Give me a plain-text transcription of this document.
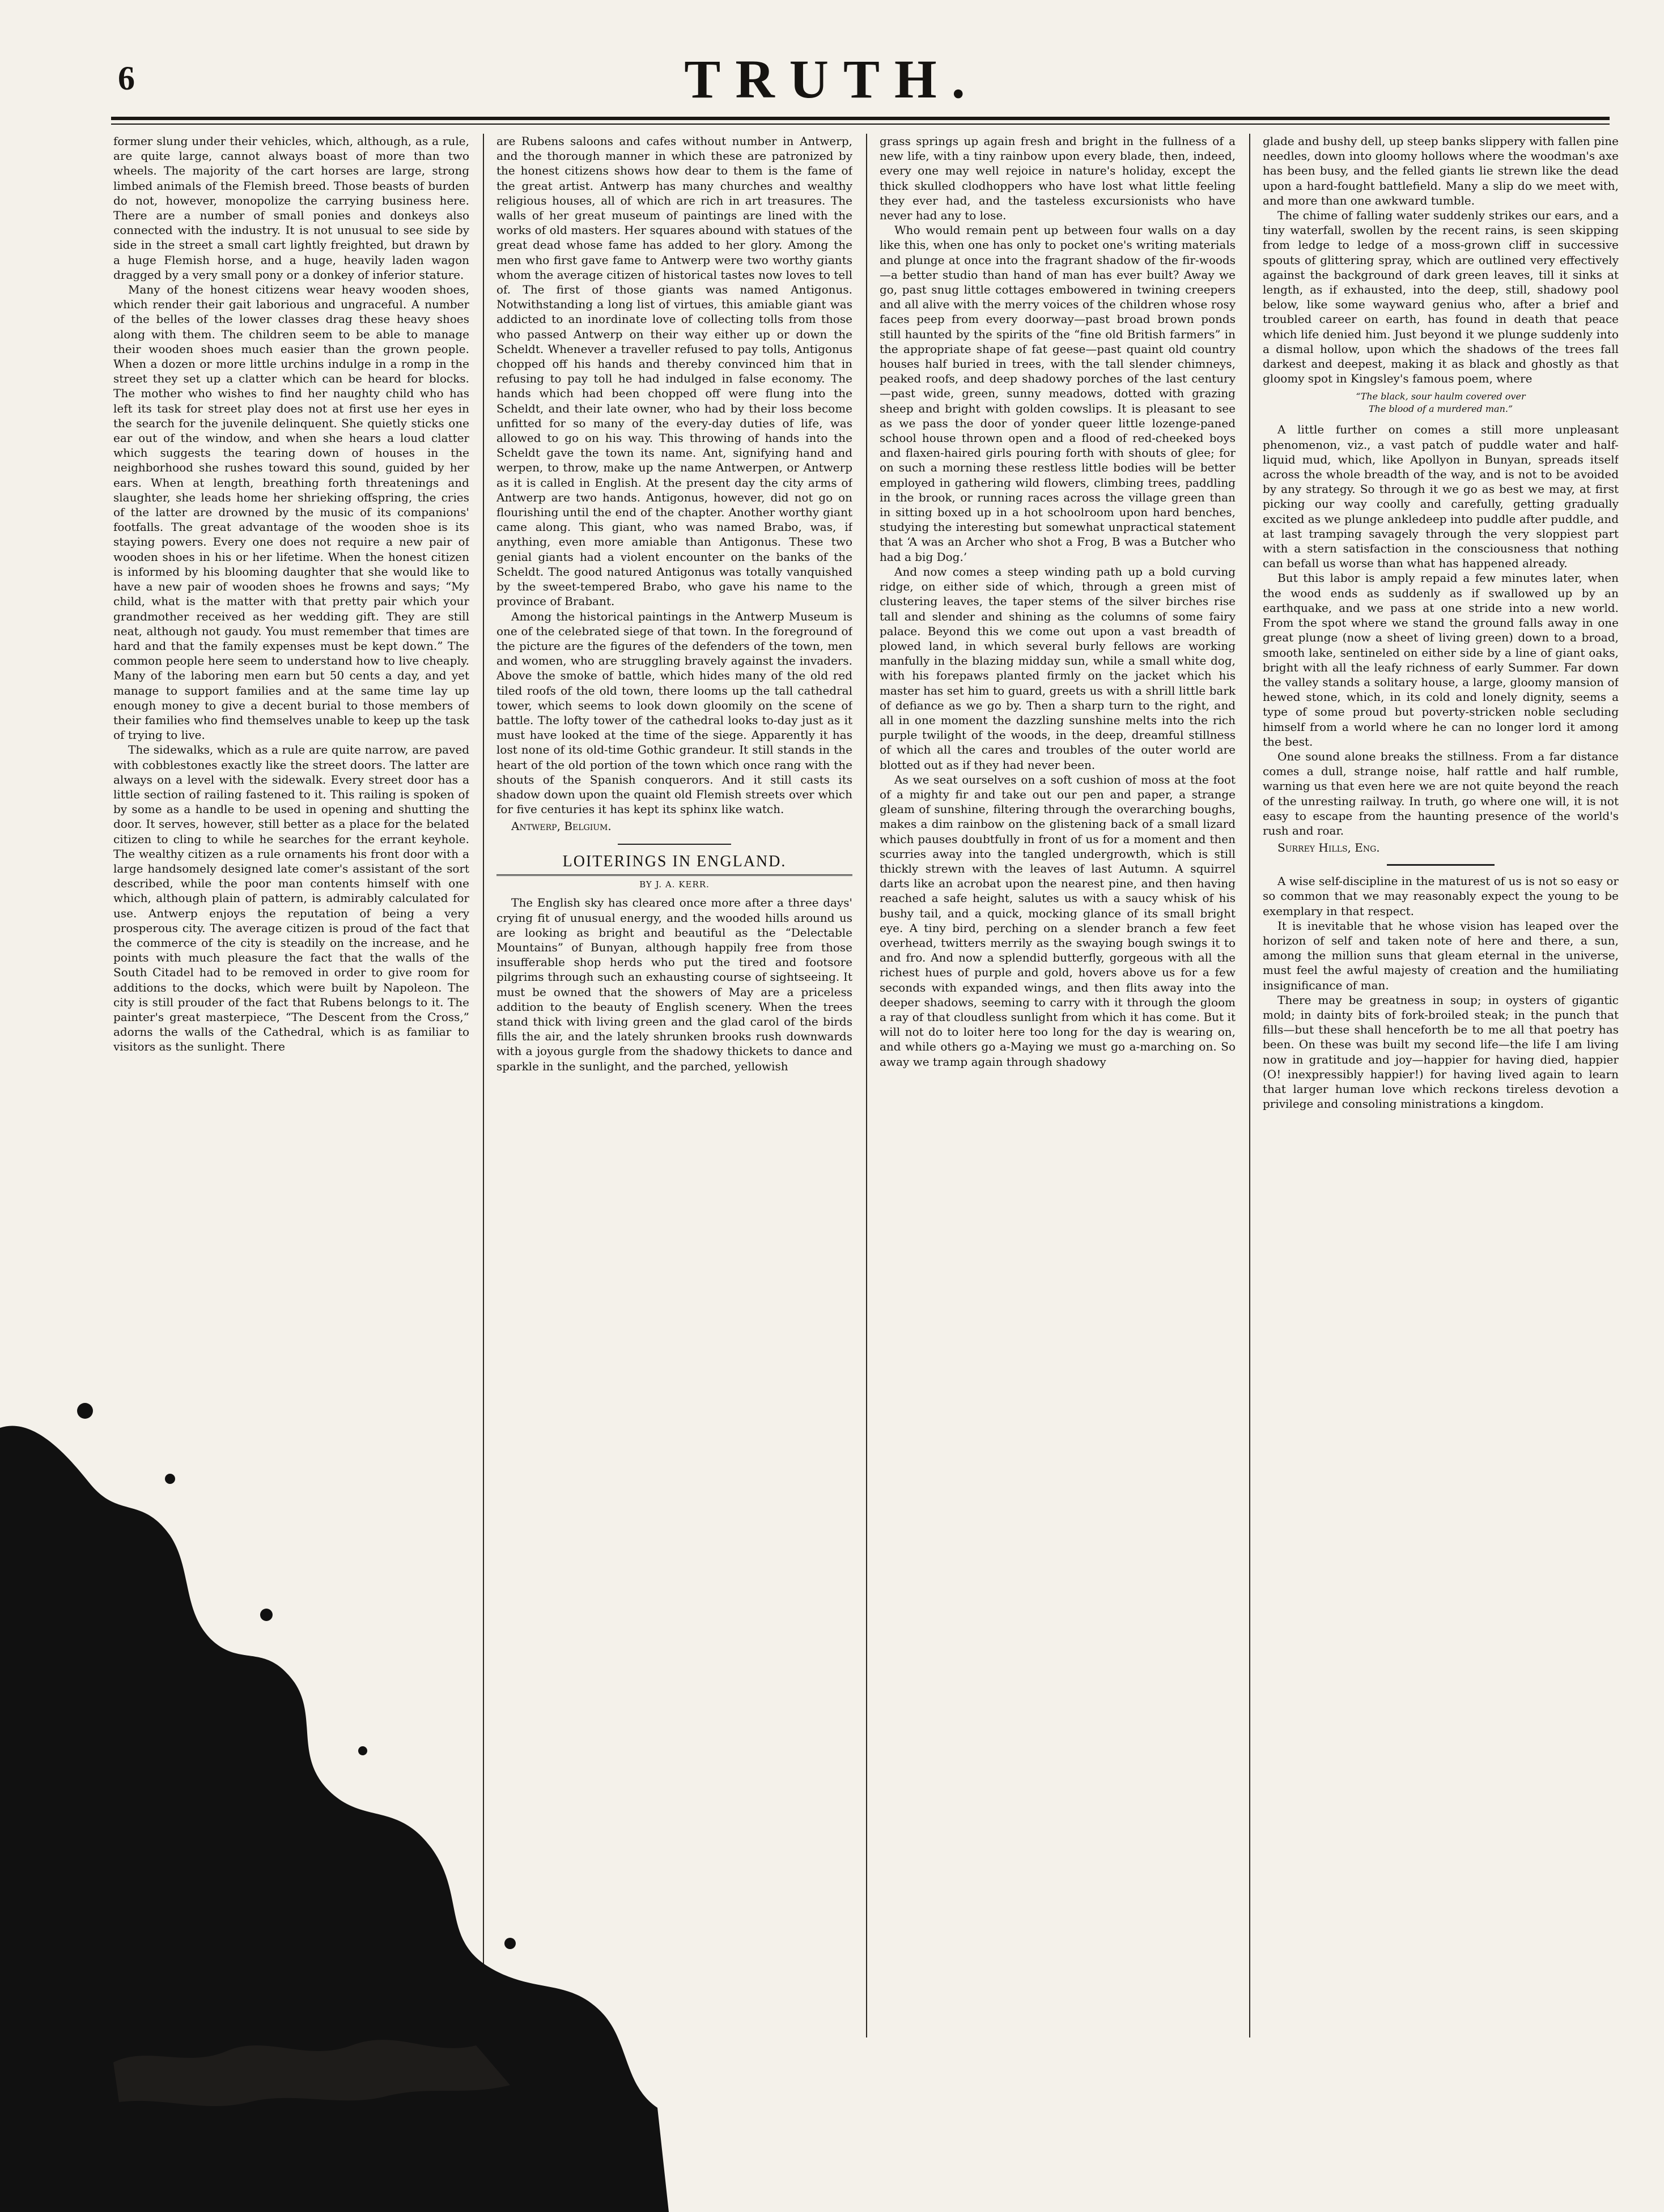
6	TRUTH.

former slung under their vehicles, which, although, as a rule, are quite large, cannot always boast of more than two wheels. The majority of the cart horses are large, strong limbed animals of the Flemish breed. Those beasts of burden do not, however, monopolize the carrying business here. There are a number of small ponies and donkeys also connected with the industry. It is not unusual to see side by side in the street a small cart lightly freighted, but drawn by a huge Flemish horse, and a huge, heavily laden wagon dragged by a very small pony or a donkey of inferior stature.

Many of the honest citizens wear heavy wooden shoes, which render their gait laborious and ungraceful. A number of the belles of the lower classes drag these heavy shoes along with them. The children seem to be able to manage their wooden shoes much easier than the grown people. When a dozen or more little urchins indulge in a romp in the street they set up a clatter which can be heard for blocks. The mother who wishes to find her naughty child who has left its task for street play does not at first use her eyes in the search for the juvenile delinquent. She quietly sticks one ear out of the window, and when she hears a loud clatter which suggests the tearing down of houses in the neighborhood she rushes toward this sound, guided by her ears. When at length, breathing forth threatenings and slaughter, she leads home her shrieking offspring, the cries of the latter are drowned by the music of its companions' footfalls. The great advantage of the wooden shoe is its staying powers. Every one does not require a new pair of wooden shoes in his or her lifetime. When the honest citizen is informed by his blooming daughter that she would like to have a new pair of wooden shoes he frowns and says; “My child, what is the matter with that pretty pair which your grandmother received as her wedding gift. They are still neat, although not gaudy. You must remember that times are hard and that the family expenses must be kept down.” The common people here seem to understand how to live cheaply. Many of the laboring men earn but 50 cents a day, and yet manage to support families and at the same time lay up enough money to give a decent burial to those members of their families who find themselves unable to keep up the task of trying to live.

The sidewalks, which as a rule are quite narrow, are paved with cobblestones exactly like the street doors. The latter are always on a level with the sidewalk. Every street door has a little section of railing fastened to it. This railing is spoken of by some as a handle to be used in opening and shutting the door. It serves, however, still better as a place for the belated citizen to cling to while he searches for the errant keyhole. The wealthy citizen as a rule ornaments his front door with a large handsomely designed late comer's assistant of the sort described, while the poor man contents himself with one which, although plain of pattern, is admirably calculated for use. Antwerp enjoys the reputation of being a very prosperous city. The average citizen is proud of the fact that the commerce of the city is steadily on the increase, and he points with much pleasure the fact that the walls of the South Citadel had to be removed in order to give room for additions to the docks, which were built by Napoleon. The city is still prouder of the fact that Rubens belongs to it. The painter's great masterpiece, “The Descent from the Cross,” adorns the walls of the Cathedral, which is as familiar to visitors as the sunlight. There

are Rubens saloons and cafes without number in Antwerp, and the thorough manner in which these are patronized by the honest citizens shows how dear to them is the fame of the great artist. Antwerp has many churches and wealthy religious houses, all of which are rich in art treasures. The walls of her great museum of paintings are lined with the works of old masters. Her squares abound with statues of the great dead whose fame has added to her glory. Among the men who first gave fame to Antwerp were two worthy giants whom the average citizen of historical tastes now loves to tell of. The first of those giants was named Antigonus. Notwithstanding a long list of virtues, this amiable giant was addicted to an inordinate love of collecting tolls from those who passed Antwerp on their way either up or down the Scheldt. Whenever a traveller refused to pay tolls, Antigonus chopped off his hands and thereby convinced him that in refusing to pay toll he had indulged in false economy. The hands which had been chopped off were flung into the Scheldt, and their late owner, who had by their loss become unfitted for so many of the every-day duties of life, was allowed to go on his way. This throwing of hands into the Scheldt gave the town its name. Ant, signifying hand and werpen, to throw, make up the name Antwerpen, or Antwerp as it is called in English. At the present day the city arms of Antwerp are two hands. Antigonus, however, did not go on flourishing until the end of the chapter. Another worthy giant came along. This giant, who was named Brabo, was, if anything, even more amiable than Antigonus. These two genial giants had a violent encounter on the banks of the Scheldt. The good natured Antigonus was totally vanquished by the sweet-tempered Brabo, who gave his name to the province of Brabant.

Among the historical paintings in the Antwerp Museum is one of the celebrated siege of that town. In the foreground of the picture are the figures of the defenders of the town, men and women, who are struggling bravely against the invaders. Above the smoke of battle, which hides many of the old red tiled roofs of the old town, there looms up the tall cathedral tower, which seems to look down gloomily on the scene of battle. The lofty tower of the cathedral looks to-day just as it must have looked at the time of the siege. Apparently it has lost none of its old-time Gothic grandeur. It still stands in the heart of the old portion of the town which once rang with the shouts of the Spanish conquerors. And it still casts its shadow down upon the quaint old Flemish streets over which for five centuries it has kept its sphinx like watch.

Antwerp, Belgium.
LOITERINGS IN ENGLAND.
BY J. A. KERR.

The English sky has cleared once more after a three days' crying fit of unusual energy, and the wooded hills around us are looking as bright and beautiful as the “Delectable Mountains” of Bunyan, although happily free from those insufferable shop herds who put the tired and footsore pilgrims through such an exhausting course of sightseeing. It must be owned that the showers of May are a priceless addition to the beauty of English scenery. When the trees stand thick with living green and the glad carol of the birds fills the air, and the lately shrunken brooks rush downwards with a joyous gurgle from the shadowy thickets to dance and sparkle in the sunlight, and the parched, yellowish

grass springs up again fresh and bright in the fullness of a new life, with a tiny rainbow upon every blade, then, indeed, every one may well rejoice in nature's holiday, except the thick skulled clodhoppers who have lost what little feeling they ever had, and the tasteless excursionists who have never had any to lose.

Who would remain pent up between four walls on a day like this, when one has only to pocket one's writing materials and plunge at once into the fragrant shadow of the fir-woods—a better studio than hand of man has ever built? Away we go, past snug little cottages embowered in twining creepers and all alive with the merry voices of the children whose rosy faces peep from every doorway—past broad brown ponds still haunted by the spirits of the “fine old British farmers” in the appropriate shape of fat geese—past quaint old country houses half buried in trees, with the tall slender chimneys, peaked roofs, and deep shadowy porches of the last century—past wide, green, sunny meadows, dotted with grazing sheep and bright with golden cowslips. It is pleasant to see as we pass the door of yonder queer little lozenge-paned school house thrown open and a flood of red-cheeked boys and flaxen-haired girls pouring forth with shouts of glee; for on such a morning these restless little bodies will be better employed in gathering wild flowers, climbing trees, paddling in the brook, or running races across the village green than in sitting boxed up in a hot schoolroom upon hard benches, studying the interesting but somewhat unpractical statement that ‘A was an Archer who shot a Frog, B was a Butcher who had a big Dog.’

And now comes a steep winding path up a bold curving ridge, on either side of which, through a green mist of clustering leaves, the taper stems of the silver birches rise tall and slender and shining as the columns of some fairy palace. Beyond this we come out upon a vast breadth of plowed land, in which several burly fellows are working manfully in the blazing midday sun, while a small white dog, with his forepaws planted firmly on the jacket which his master has set him to guard, greets us with a shrill little bark of defiance as we go by. Then a sharp turn to the right, and all in one moment the dazzling sunshine melts into the rich purple twilight of the woods, in the deep, dreamful stillness of which all the cares and troubles of the outer world are blotted out as if they had never been.

As we seat ourselves on a soft cushion of moss at the foot of a mighty fir and take out our pen and paper, a strange gleam of sunshine, filtering through the overarching boughs, makes a dim rainbow on the glistening back of a small lizard which pauses doubtfully in front of us for a moment and then scurries away into the tangled undergrowth, which is still thickly strewn with the leaves of last Autumn. A squirrel darts like an acrobat upon the nearest pine, and then having reached a safe height, salutes us with a saucy whisk of his bushy tail, and a quick, mocking glance of its small bright eye. A tiny bird, perching on a slender branch a few feet overhead, twitters merrily as the swaying bough swings it to and fro. And now a splendid butterfly, gorgeous with all the richest hues of purple and gold, hovers above us for a few seconds with expanded wings, and then flits away into the deeper shadows, seeming to carry with it through the gloom a ray of that cloudless sunlight from which it has come. But it will not do to loiter here too long for the day is wearing on, and while others go a-Maying we must go a-marching on. So away we tramp again through shadowy

glade and bushy dell, up steep banks slippery with fallen pine needles, down into gloomy hollows where the woodman's axe has been busy, and the felled giants lie strewn like the dead upon a hard-fought battlefield. Many a slip do we meet with, and more than one awkward tumble.

The chime of falling water suddenly strikes our ears, and a tiny waterfall, swollen by the recent rains, is seen skipping from ledge to ledge of a moss-grown cliff in successive spouts of glittering spray, which are outlined very effectively against the background of dark green leaves, till it sinks at length, as if exhausted, into the deep, still, shadowy pool below, like some wayward genius who, after a brief and troubled career on earth, has found in death that peace which life denied him. Just beyond it we plunge suddenly into a dismal hollow, upon which the shadows of the trees fall darkest and deepest, making it as black and ghostly as that gloomy spot in Kingsley's famous poem, where

“The black, sour haulm covered over
The blood of a murdered man.”

A little further on comes a still more unpleasant phenomenon, viz., a vast patch of puddle water and half-liquid mud, which, like Apollyon in Bunyan, spreads itself across the whole breadth of the way, and is not to be avoided by any strategy. So through it we go as best we may, at first picking our way coolly and carefully, getting gradually excited as we plunge ankledeep into puddle after puddle, and at last tramping savagely through the very sloppiest part with a stern satisfaction in the consciousness that nothing can befall us worse than what has happened already.

But this labor is amply repaid a few minutes later, when the wood ends as suddenly as if swallowed up by an earthquake, and we pass at one stride into a new world. From the spot where we stand the ground falls away in one great plunge (now a sheet of living green) down to a broad, smooth lake, sentineled on either side by a line of giant oaks, bright with all the leafy richness of early Summer. Far down the valley stands a solitary house, a large, gloomy mansion of hewed stone, which, in its cold and lonely dignity, seems a type of some proud but poverty-stricken noble secluding himself from a world where he can no longer lord it among the best.

One sound alone breaks the stillness. From a far distance comes a dull, strange noise, half rattle and half rumble, warning us that even here we are not quite beyond the reach of the unresting railway. In truth, go where one will, it is not easy to escape from the haunting presence of the world's rush and roar.

Surrey Hills, Eng.

A wise self-discipline in the maturest of us is not so easy or so common that we may reasonably expect the young to be exemplary in that respect.

It is inevitable that he whose vision has leaped over the horizon of self and taken note of here and there, a sun, among the million suns that gleam eternal in the universe, must feel the awful majesty of creation and the humiliating insignificance of man.

There may be greatness in soup; in oysters of gigantic mold; in dainty bits of fork-broiled steak; in the punch that fills—but these shall henceforth be to me all that poetry has been. On these was built my second life—the life I am living now in gratitude and joy—happier for having died, happier (O! inexpressibly happier!) for having lived again to learn that larger human love which reckons tireless devotion a privilege and consoling ministrations a kingdom.
